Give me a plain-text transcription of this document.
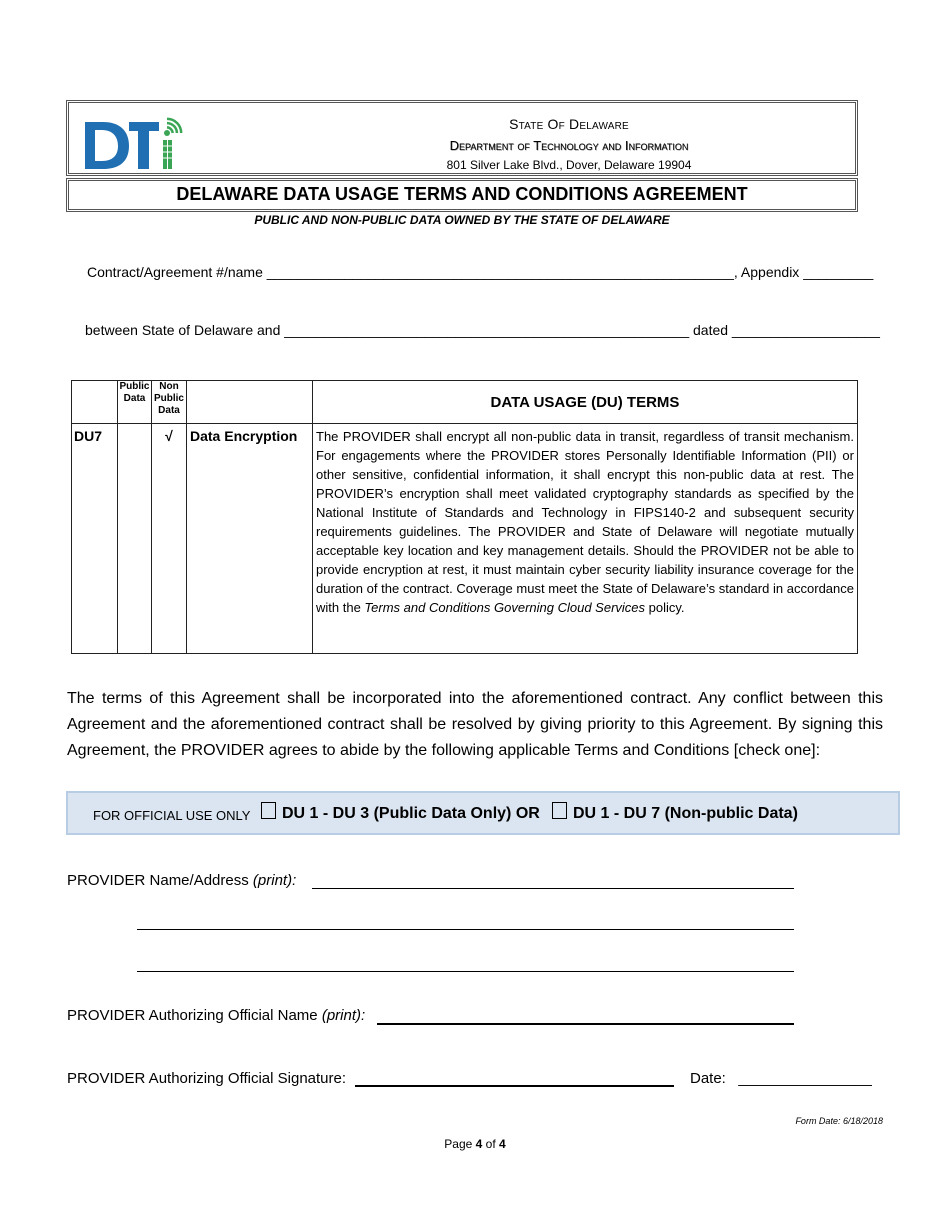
State Of Delaware
Department of Technology and Information
801 Silver Lake Blvd., Dover, Delaware 19904
DELAWARE DATA USAGE TERMS AND CONDITIONS AGREEMENT
PUBLIC AND NON-PUBLIC DATA OWNED BY THE STATE OF DELAWARE
Contract/Agreement #/name ____________________________________________________________, Appendix _________
between State of Delaware and ____________________________________________________ dated ___________________
	Public Data	Non Public Data		DATA USAGE (DU) TERMS
DU7		√	Data Encryption	The PROVIDER shall encrypt all non-public data in transit, regardless of transit mechanism. For engagements where the PROVIDER stores Personally Identifiable Information (PII) or other sensitive, confidential information, it shall encrypt this non-public data at rest. The PROVIDER’s encryption shall meet validated cryptography standards as specified by the National Institute of Standards and Technology in FIPS140-2 and subsequent security requirements guidelines. The PROVIDER and State of Delaware will negotiate mutually acceptable key location and key management details. Should the PROVIDER not be able to provide encryption at rest, it must maintain cyber security liability insurance coverage for the duration of the contract. Coverage must meet the State of Delaware’s standard in accordance with the Terms and Conditions Governing Cloud Services policy.
The terms of this Agreement shall be incorporated into the aforementioned contract. Any conflict between this Agreement and the aforementioned contract shall be resolved by giving priority to this Agreement. By signing this Agreement, the PROVIDER agrees to abide by the following applicable Terms and Conditions [check one]:
FOR OFFICIAL USE ONLY	DU 1 - DU 3 (Public Data Only) OR	DU 1 - DU 7 (Non-public Data)
PROVIDER Name/Address (print):
PROVIDER Authorizing Official Name (print):
PROVIDER Authorizing Official Signature:	Date: ________________
Form Date: 6/18/2018
Page 4 of 4
